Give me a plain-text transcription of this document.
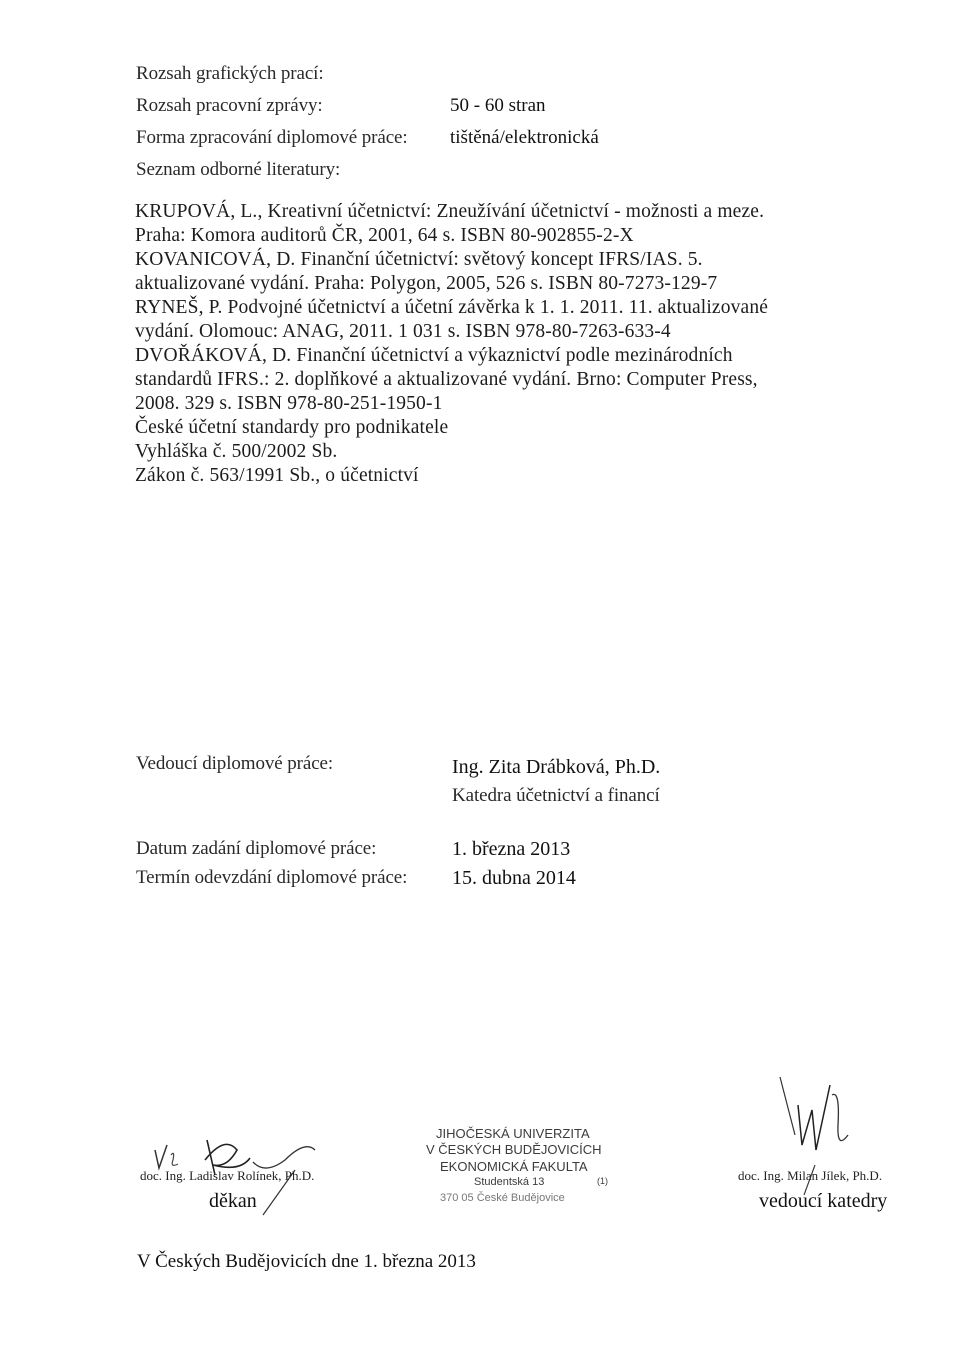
Rozsah grafických prací:
Rozsah pracovní zprávy:	50 - 60 stran
Forma zpracování diplomové práce: tištěná/elektronická
Seznam odborné literatury:
KRUPOVÁ, L., Kreativní účetnictví: Zneužívání účetnictví - možnosti a meze.
Praha: Komora auditorů ČR, 2001, 64 s. ISBN 80-902855-2-X
KOVANICOVÁ, D. Finanční účetnictví: světový koncept IFRS/IAS. 5.
aktualizované vydání. Praha: Polygon, 2005, 526 s. ISBN 80-7273-129-7
RYNEŠ, P. Podvojné účetnictví a účetní závěrka k 1. 1. 2011. 11. aktualizované
vydání. Olomouc: ANAG, 2011. 1 031 s. ISBN 978-80-7263-633-4
DVOŘÁKOVÁ, D. Finanční účetnictví a výkaznictví podle mezinárodních
standardů IFRS.: 2. doplňkové a aktualizované vydání. Brno: Computer Press,
2008. 329 s. ISBN 978-80-251-1950-1
České účetní standardy pro podnikatele
Vyhláška č. 500/2002 Sb.
Zákon č. 563/1991 Sb., o účetnictví
Vedoucí diplomové práce:	Ing. Zita Drábková, Ph.D.
Katedra účetnictví a financí
Datum zadání diplomové práce:	1. března 2013
Termín odevzdání diplomové práce: 15. dubna 2014
doc. Ing. Ladislav Rolínek, Ph.D.
děkan
JIHOČESKÁ UNIVERZITA
V ČESKÝCH BUDĚJOVICÍCH
EKONOMICKÁ FAKULTA
Studentská 13	(1)
370 05 České Budějovice
doc. Ing. Milan Jílek, Ph.D.
vedoucí katedry
V Českých Budějovicích dne 1. března 2013
